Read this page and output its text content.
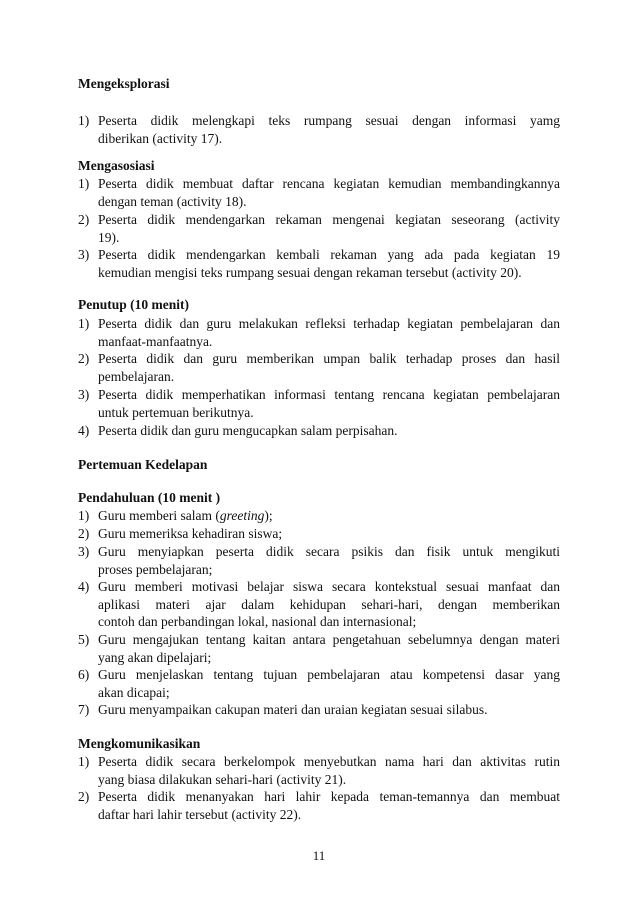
Mengeksplorasi
1) Peserta didik melengkapi teks rumpang sesuai dengan informasi yamg
diberikan (activity 17).
Mengasosiasi
1) Peserta didik membuat daftar rencana kegiatan kemudian membandingkannya
dengan teman (activity 18).
2) Peserta didik mendengarkan rekaman mengenai kegiatan seseorang (activity
19).
3) Peserta didik mendengarkan kembali rekaman yang ada pada kegiatan 19
kemudian mengisi teks rumpang sesuai dengan rekaman tersebut (activity 20).
Penutup (10 menit)
1) Peserta didik dan guru melakukan refleksi terhadap kegiatan pembelajaran dan
manfaat-manfaatnya.
2) Peserta didik dan guru memberikan umpan balik terhadap proses dan hasil
pembelajaran.
3) Peserta didik memperhatikan informasi tentang rencana kegiatan pembelajaran
untuk pertemuan berikutnya.
4) Peserta didik dan guru mengucapkan salam perpisahan.
Pertemuan Kedelapan
Pendahuluan (10 menit )
1) Guru memberi salam (greeting);
2) Guru memeriksa kehadiran siswa;
3) Guru menyiapkan peserta didik secara psikis dan fisik untuk mengikuti
proses pembelajaran;
4) Guru memberi motivasi belajar siswa secara kontekstual sesuai manfaat dan
aplikasi materi ajar dalam kehidupan sehari-hari, dengan memberikan
contoh dan perbandingan lokal, nasional dan internasional;
5) Guru mengajukan tentang kaitan antara pengetahuan sebelumnya dengan materi
yang akan dipelajari;
6) Guru menjelaskan tentang tujuan pembelajaran atau kompetensi dasar yang
akan dicapai;
7) Guru menyampaikan cakupan materi dan uraian kegiatan sesuai silabus.
Mengkomunikasikan
1) Peserta didik secara berkelompok menyebutkan nama hari dan aktivitas rutin
yang biasa dilakukan sehari-hari (activity 21).
2) Peserta didik menanyakan hari lahir kepada teman-temannya dan membuat
daftar hari lahir tersebut (activity 22).
11
